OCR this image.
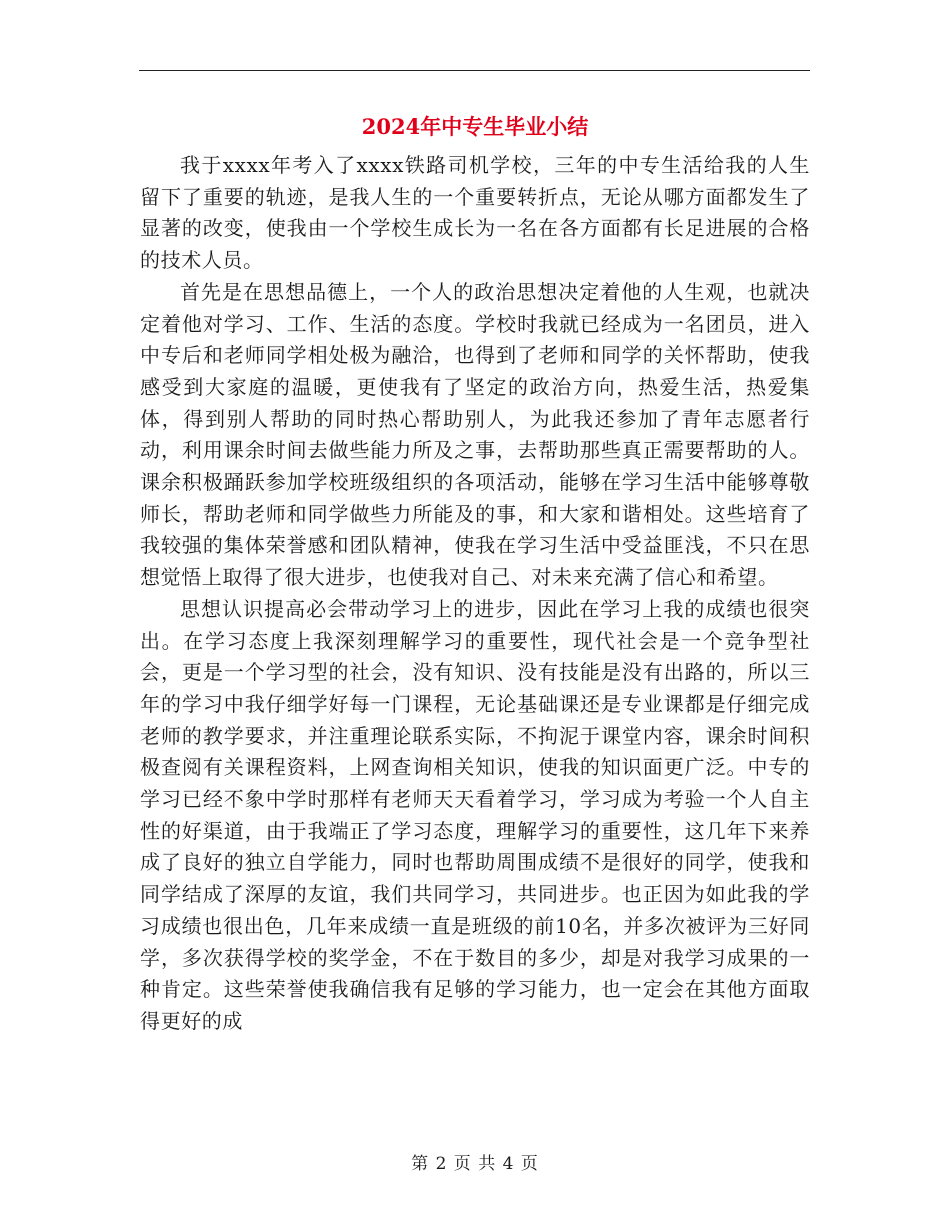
2024年中专生毕业小结

我于xxxx年考入了xxxx铁路司机学校，三年的中专生活给我的人生留下了重要的轨迹，是我人生的一个重要转折点，无论从哪方面都发生了显著的改变，使我由一个学校生成长为一名在各方面都有长足进展的合格的技术人员。

首先是在思想品德上，一个人的政治思想决定着他的人生观，也就决定着他对学习、工作、生活的态度。学校时我就已经成为一名团员，进入中专后和老师同学相处极为融洽，也得到了老师和同学的关怀帮助，使我感受到大家庭的温暖，更使我有了坚定的政治方向，热爱生活，热爱集体，得到别人帮助的同时热心帮助别人，为此我还参加了青年志愿者行动，利用课余时间去做些能力所及之事，去帮助那些真正需要帮助的人。课余积极踊跃参加学校班级组织的各项活动，能够在学习生活中能够尊敬师长，帮助老师和同学做些力所能及的事，和大家和谐相处。这些培育了我较强的集体荣誉感和团队精神，使我在学习生活中受益匪浅，不只在思想觉悟上取得了很大进步，也使我对自己、对未来充满了信心和希望。

思想认识提高必会带动学习上的进步，因此在学习上我的成绩也很突出。在学习态度上我深刻理解学习的重要性，现代社会是一个竞争型社会，更是一个学习型的社会，没有知识、没有技能是没有出路的，所以三年的学习中我仔细学好每一门课程，无论基础课还是专业课都是仔细完成老师的教学要求，并注重理论联系实际，不拘泥于课堂内容，课余时间积极查阅有关课程资料，上网查询相关知识，使我的知识面更广泛。中专的学习已经不象中学时那样有老师天天看着学习，学习成为考验一个人自主性的好渠道，由于我端正了学习态度，理解学习的重要性，这几年下来养成了良好的独立自学能力，同时也帮助周围成绩不是很好的同学，使我和同学结成了深厚的友谊，我们共同学习，共同进步。也正因为如此我的学习成绩也很出色，几年来成绩一直是班级的前10名，并多次被评为三好同学，多次获得学校的奖学金，不在于数目的多少，却是对我学习成果的一种肯定。这些荣誉使我确信我有足够的学习能力，也一定会在其他方面取得更好的成

第 2 页 共 4 页
